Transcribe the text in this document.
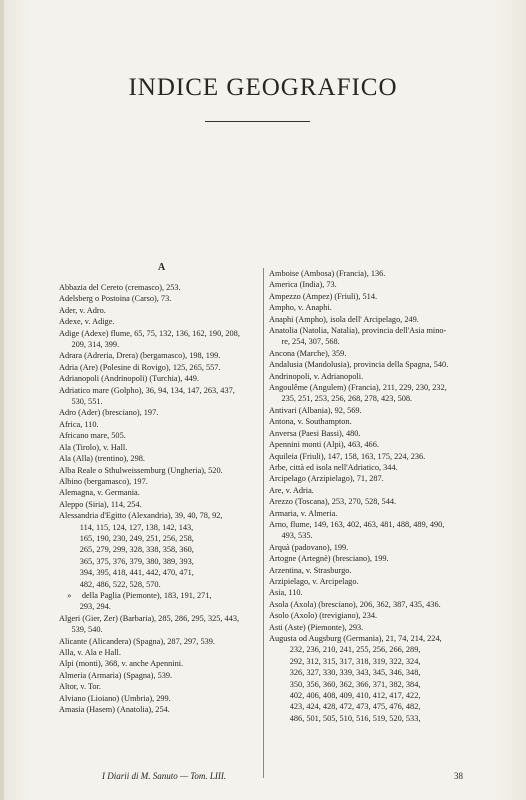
INDICE GEOGRAFICO
A
Abbazia del Cereto (cremasco), 253.
Adelsberg o Postoina (Carso), 73.
Ader, v. Adro.
Adexe, v. Adige.
Adige (Adexe) flume, 65, 75, 132, 136, 162, 190, 208,
209, 314, 399.
Adrara (Adreria, Drera) (bergamasco), 198, 199.
Adria (Are) (Polesine di Rovigo), 125, 265, 557.
Adrianopoli (Andrinopoli) (Turchia), 449.
Adriatico mare (Golpho), 36, 94, 134, 147, 263, 437,
530, 551.
Adro (Ader) (bresciano), 197.
Africa, 110.
Africano mare, 505.
Ala (Tirolo), v. Hall.
Ala (Alla) (trentino), 298.
Alba Reale o Sthulweissemburg (Ungheria), 520.
Albino (bergamasco), 197.
Alemagna, v. Germania.
Aleppo (Siria), 114, 254.
Alessandria d'Egitto (Alexandria), 39, 40, 78, 92,
114, 115, 124, 127, 138, 142, 143,
165, 190, 230, 249, 251, 256, 258,
265, 279, 299, 328, 338, 358, 360,
365, 375, 376, 379, 380, 389, 393,
394, 395, 418, 441, 442, 470, 471,
482, 486, 522, 528, 570.
»     della Paglia (Piemonte), 183, 191, 271,
293, 294.
Algeri (Gier, Zer) (Barbaria), 285, 286, 295, 325, 443,
539, 540.
Alicante (Alicandera) (Spagna), 287, 297, 539.
Alla, v. Ala e Hall.
Alpi (monti), 368, v. anche Apennini.
Almeria (Armaria) (Spagna), 539.
Altor, v. Tor.
Alviano (Lioiano) (Umbria), 299.
Amasia (Hasem) (Anatolia), 254.
Amboise (Ambosa) (Francia), 136.
America (India), 73.
Ampezzo (Ampez) (Friuli), 514.
Ampho, v. Anaphi.
Anaphi (Ampho), isola dell' Arcipelago, 249.
Anatolia (Natolia, Natalia), provincia dell'Asia mino-
re, 254, 307, 568.
Ancona (Marche), 359.
Andalusia (Mandolusia), provincia della Spagna, 540.
Andrinopoli, v. Adrianopoli.
Angoulême (Angulem) (Francia), 211, 229, 230, 232,
235, 251, 253, 256, 268, 278, 423, 508.
Antivari (Albania), 92, 569.
Antona, v. Southampton.
Anversa (Paesi Bassi), 480.
Apennini monti (Alpi), 463, 466.
Aquileia (Friuli), 147, 158, 163, 175, 224, 236.
Arbe, città ed isola nell'Adriatico, 344.
Arcipelago (Arzipielago), 71, 287.
Are, v. Adria.
Arezzo (Toscana), 253, 270, 528, 544.
Armaria, v. Almeria.
Arno, flume, 149, 163, 402, 463, 481, 488, 489, 490,
493, 535.
Arquà (padovano), 199.
Artogne (Artegnè) (bresciano), 199.
Arzentina, v. Strasburgo.
Arzipielago, v. Arcipelago.
Asia, 110.
Asola (Axola) (bresciano), 206, 362, 387, 435, 436.
Asolo (Axolo) (trevigiano), 234.
Asti (Aste) (Piemonte), 293.
Augusta od Augsburg (Germania), 21, 74, 214, 224,
232, 236, 210, 241, 255, 256, 266, 289,
292, 312, 315, 317, 318, 319, 322, 324,
326, 327, 330, 339, 343, 345, 346, 348,
350, 356, 360, 362, 366, 371, 382, 384,
402, 406, 408, 409, 410, 412, 417, 422,
423, 424, 428, 472, 473, 475, 476, 482,
486, 501, 505, 510, 516, 519, 520, 533,
I Diarii di M. Sanuto — Tom. LIII.	38
